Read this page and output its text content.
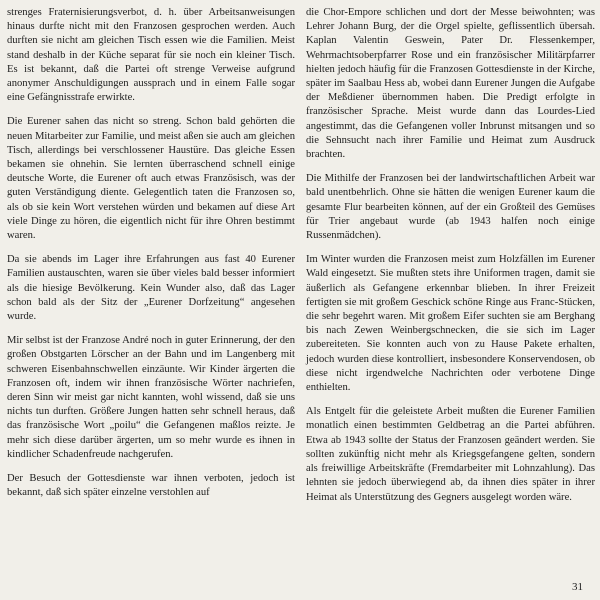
strenges Fraternisierungsverbot, d. h. über Arbeitsanweisungen hinaus durfte nicht mit den Franzosen gesprochen werden. Auch durften sie nicht am gleichen Tisch essen wie die Familien. Meist stand deshalb in der Küche separat für sie noch ein kleiner Tisch. Es ist bekannt, daß die Partei oft strenge Verweise aufgrund anonymer Anschuldigungen aussprach und in einem Falle sogar eine Gefängnisstrafe erwirkte.

Die Eurener sahen das nicht so streng. Schon bald gehörten die neuen Mitarbeiter zur Familie, und meist aßen sie auch am gleichen Tisch, allerdings bei verschlossener Haustüre. Das gleiche Essen bekamen sie ohnehin. Sie lernten überraschend schnell einige deutsche Worte, die Eurener oft auch etwas Französisch, was der guten Verständigung diente. Gelegentlich taten die Franzosen so, als ob sie kein Wort verstehen würden und bekamen auf diese Art viele Dinge zu hören, die eigentlich nicht für ihre Ohren bestimmt waren.

Da sie abends im Lager ihre Erfahrungen aus fast 40 Eurener Familien austauschten, waren sie über vieles bald besser informiert als die hiesige Bevölkerung. Kein Wunder also, daß das Lager schon bald als der Sitz der „Eurener Dorfzeitung“ angesehen wurde.

Mir selbst ist der Franzose André noch in guter Erinnerung, der den großen Obstgarten Lörscher an der Bahn und im Langenberg mit schweren Eisenbahnschwellen einzäunte. Wir Kinder ärgerten die Franzosen oft, indem wir ihnen französische Wörter nachriefen, deren Sinn wir meist gar nicht kannten, wohl wissend, daß sie uns nichts tun durften. Größere Jungen hatten sehr schnell heraus, daß das französische Wort „poilu“ die Gefangenen maßlos reizte. Je mehr sich diese darüber ärgerten, um so mehr wurde es ihnen in kindlicher Schadenfreude nachgerufen.

Der Besuch der Gottesdienste war ihnen verboten, jedoch ist bekannt, daß sich später einzelne verstohlen auf

die Chor-Empore schlichen und dort der Messe beiwohnten; was Lehrer Johann Burg, der die Orgel spielte, geflissentlich übersah. Kaplan Valentin Geswein, Pater Dr. Flessenkemper, Wehrmachtsoberpfarrer Rose und ein französischer Militärpfarrer hielten jedoch häufig für die Franzosen Gottesdienste in der Kirche, später im Saalbau Hess ab, wobei dann Eurener Jungen die Aufgabe der Meßdiener übernommen haben. Die Predigt erfolgte in französischer Sprache. Meist wurde dann das Lourdes-Lied angestimmt, das die Gefangenen voller Inbrunst mitsangen und so die Sehnsucht nach ihrer Familie und Heimat zum Ausdruck brachten.

Die Mithilfe der Franzosen bei der landwirtschaftlichen Arbeit war bald unentbehrlich. Ohne sie hätten die wenigen Eurener kaum die gesamte Flur bearbeiten können, auf der ein Großteil des Gemüses für Trier angebaut wurde (ab 1943 halfen noch einige Russenmädchen).

Im Winter wurden die Franzosen meist zum Holzfällen im Eurener Wald eingesetzt. Sie mußten stets ihre Uniformen tragen, damit sie äußerlich als Gefangene erkennbar blieben. In ihrer Freizeit fertigten sie mit großem Geschick schöne Ringe aus Franc-Stücken, die sehr begehrt waren. Mit großem Eifer suchten sie am Berghang bis nach Zewen Weinbergschnecken, die sie sich im Lager zubereiteten. Sie konnten auch von zu Hause Pakete erhalten, jedoch wurden diese kontrolliert, insbesondere Konservendosen, ob diese nicht irgendwelche Nachrichten oder verbotene Dinge enthielten.

Als Entgelt für die geleistete Arbeit mußten die Eurener Familien monatlich einen bestimmten Geldbetrag an die Partei abführen. Etwa ab 1943 sollte der Status der Franzosen geändert werden. Sie sollten zukünftig nicht mehr als Kriegsgefangene gelten, sondern als freiwillige Arbeitskräfte (Fremdarbeiter mit Lohnzahlung). Das lehnten sie jedoch überwiegend ab, da ihnen dies später in ihrer Heimat als Unterstützung des Gegners ausgelegt worden wäre.

31
